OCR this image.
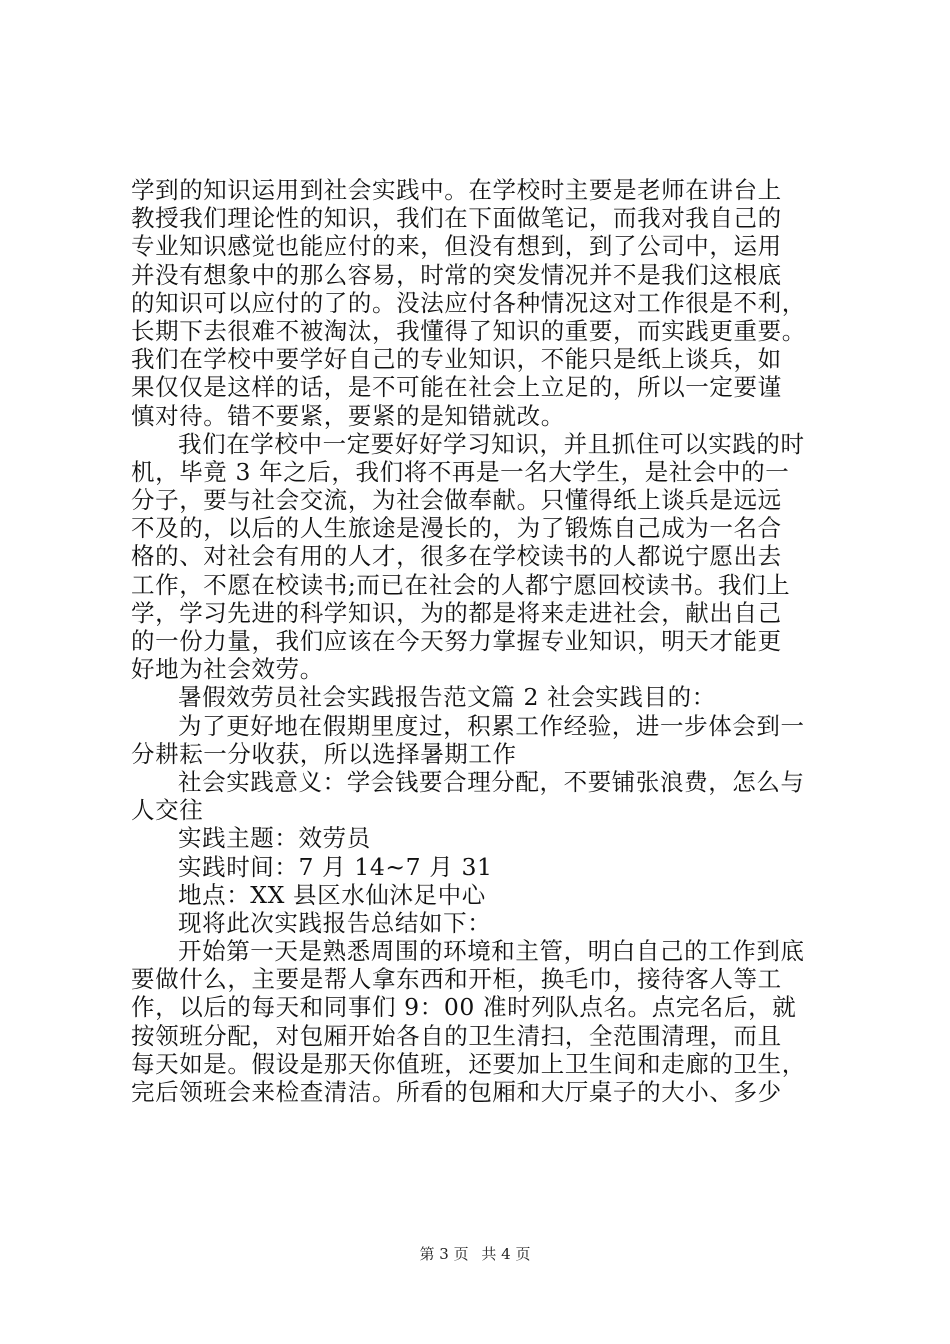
学到的知识运用到社会实践中。在学校时主要是老师在讲台上
教授我们理论性的知识，我们在下面做笔记，而我对我自己的
专业知识感觉也能应付的来，但没有想到，到了公司中，运用
并没有想象中的那么容易，时常的突发情况并不是我们这根底
的知识可以应付的了的。没法应付各种情况这对工作很是不利，
长期下去很难不被淘汰，我懂得了知识的重要，而实践更重要。
我们在学校中要学好自己的专业知识，不能只是纸上谈兵，如
果仅仅是这样的话，是不可能在社会上立足的，所以一定要谨
慎对待。错不要紧，要紧的是知错就改。
我们在学校中一定要好好学习知识，并且抓住可以实践的时
机，毕竟 3 年之后，我们将不再是一名大学生，是社会中的一
分子，要与社会交流，为社会做奉献。只懂得纸上谈兵是远远
不及的，以后的人生旅途是漫长的，为了锻炼自己成为一名合
格的、对社会有用的人才，很多在学校读书的人都说宁愿出去
工作，不愿在校读书;而已在社会的人都宁愿回校读书。我们上
学，学习先进的科学知识，为的都是将来走进社会，献出自己
的一份力量，我们应该在今天努力掌握专业知识，明天才能更
好地为社会效劳。
暑假效劳员社会实践报告范文篇 2 社会实践目的：
为了更好地在假期里度过，积累工作经验，进一步体会到一
分耕耘一分收获，所以选择暑期工作
社会实践意义：学会钱要合理分配，不要铺张浪费，怎么与
人交往
实践主题：效劳员
实践时间：7 月 14~7 月 31
地点：XX 县区水仙沐足中心
现将此次实践报告总结如下：
开始第一天是熟悉周围的环境和主管，明白自己的工作到底
要做什么，主要是帮人拿东西和开柜，换毛巾，接待客人等工
作，以后的每天和同事们 9：00 准时列队点名。点完名后，就
按领班分配，对包厢开始各自的卫生清扫，全范围清理，而且
每天如是。假设是那天你值班，还要加上卫生间和走廊的卫生，
完后领班会来检查清洁。所看的包厢和大厅桌子的大小、多少
第 3 页 共 4 页
